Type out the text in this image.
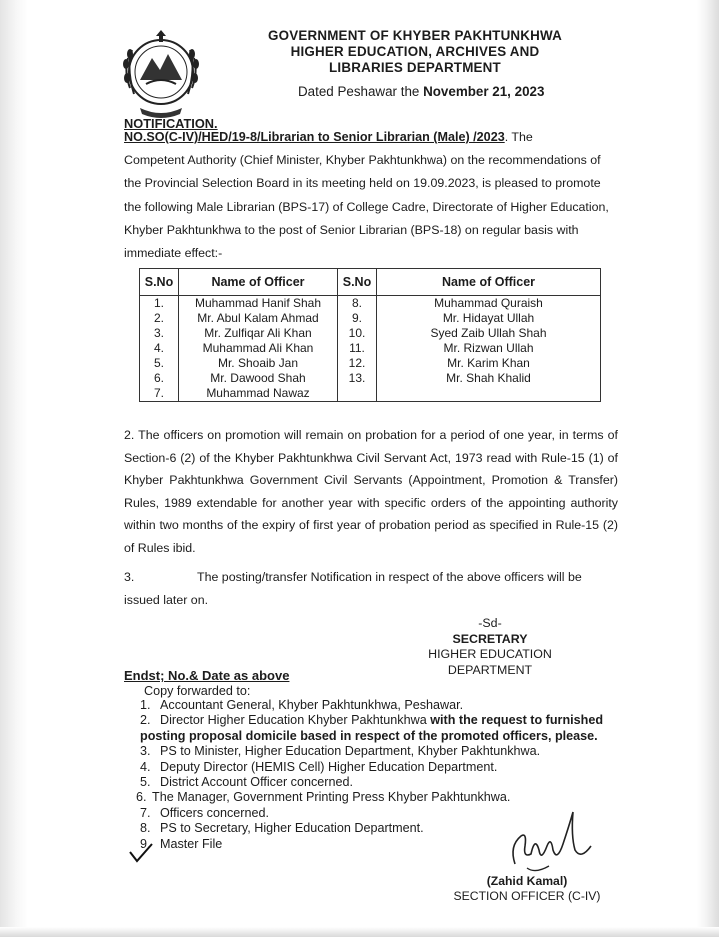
GOVERNMENT OF KHYBER PAKHTUNKHWA
HIGHER EDUCATION, ARCHIVES AND
LIBRARIES DEPARTMENT
Dated Peshawar the November 21, 2023
NOTIFICATION.
NO.SO(C-IV)/HED/19-8/Librarian to Senior Librarian (Male) /2023. The
Competent Authority (Chief Minister, Khyber Pakhtunkhwa) on the recommendations of
the Provincial Selection Board in its meeting held on 19.09.2023, is pleased to promote
the following Male Librarian (BPS-17) of College Cadre, Directorate of Higher Education,
Khyber Pakhtunkhwa to the post of Senior Librarian (BPS-18) on regular basis with
immediate effect:-
S.No	Name of Officer	S.No	Name of Officer
1.	Muhammad Hanif Shah	8.	Muhammad Quraish
2.	Mr. Abul Kalam Ahmad	9.	Mr. Hidayat Ullah
3.	Mr. Zulfiqar Ali Khan	10.	Syed Zaib Ullah Shah
4.	Muhammad Ali Khan	11.	Mr. Rizwan Ullah
5.	Mr. Shoaib Jan	12.	Mr. Karim Khan
6.	Mr. Dawood Shah	13.	Mr. Shah Khalid
7.	Muhammad Nawaz		
2. The officers on promotion will remain on probation for a period of one year, in terms of Section-6 (2) of the Khyber Pakhtunkhwa Civil Servant Act, 1973 read with Rule-15 (1) of Khyber Pakhtunkhwa Government Civil Servants (Appointment, Promotion & Transfer) Rules, 1989 extendable for another year with specific orders of the appointing authority within two months of the expiry of first year of probation period as specified in Rule-15 (2) of Rules ibid.
3.	The posting/transfer Notification in respect of the above officers will be
issued later on.
-Sd-
SECRETARY
HIGHER EDUCATION DEPARTMENT
Endst; No.& Date as above
Copy forwarded to:
1. Accountant General, Khyber Pakhtunkhwa, Peshawar.
2. Director Higher Education Khyber Pakhtunkhwa with the request to furnished posting proposal domicile based in respect of the promoted officers, please.
3. PS to Minister, Higher Education Department, Khyber Pakhtunkhwa.
4. Deputy Director (HEMIS Cell) Higher Education Department.
5. District Account Officer concerned.
6. The Manager, Government Printing Press Khyber Pakhtunkhwa.
7. Officers concerned.
8. PS to Secretary, Higher Education Department.
9. Master File
(Zahid Kamal)
SECTION OFFICER (C-IV)
